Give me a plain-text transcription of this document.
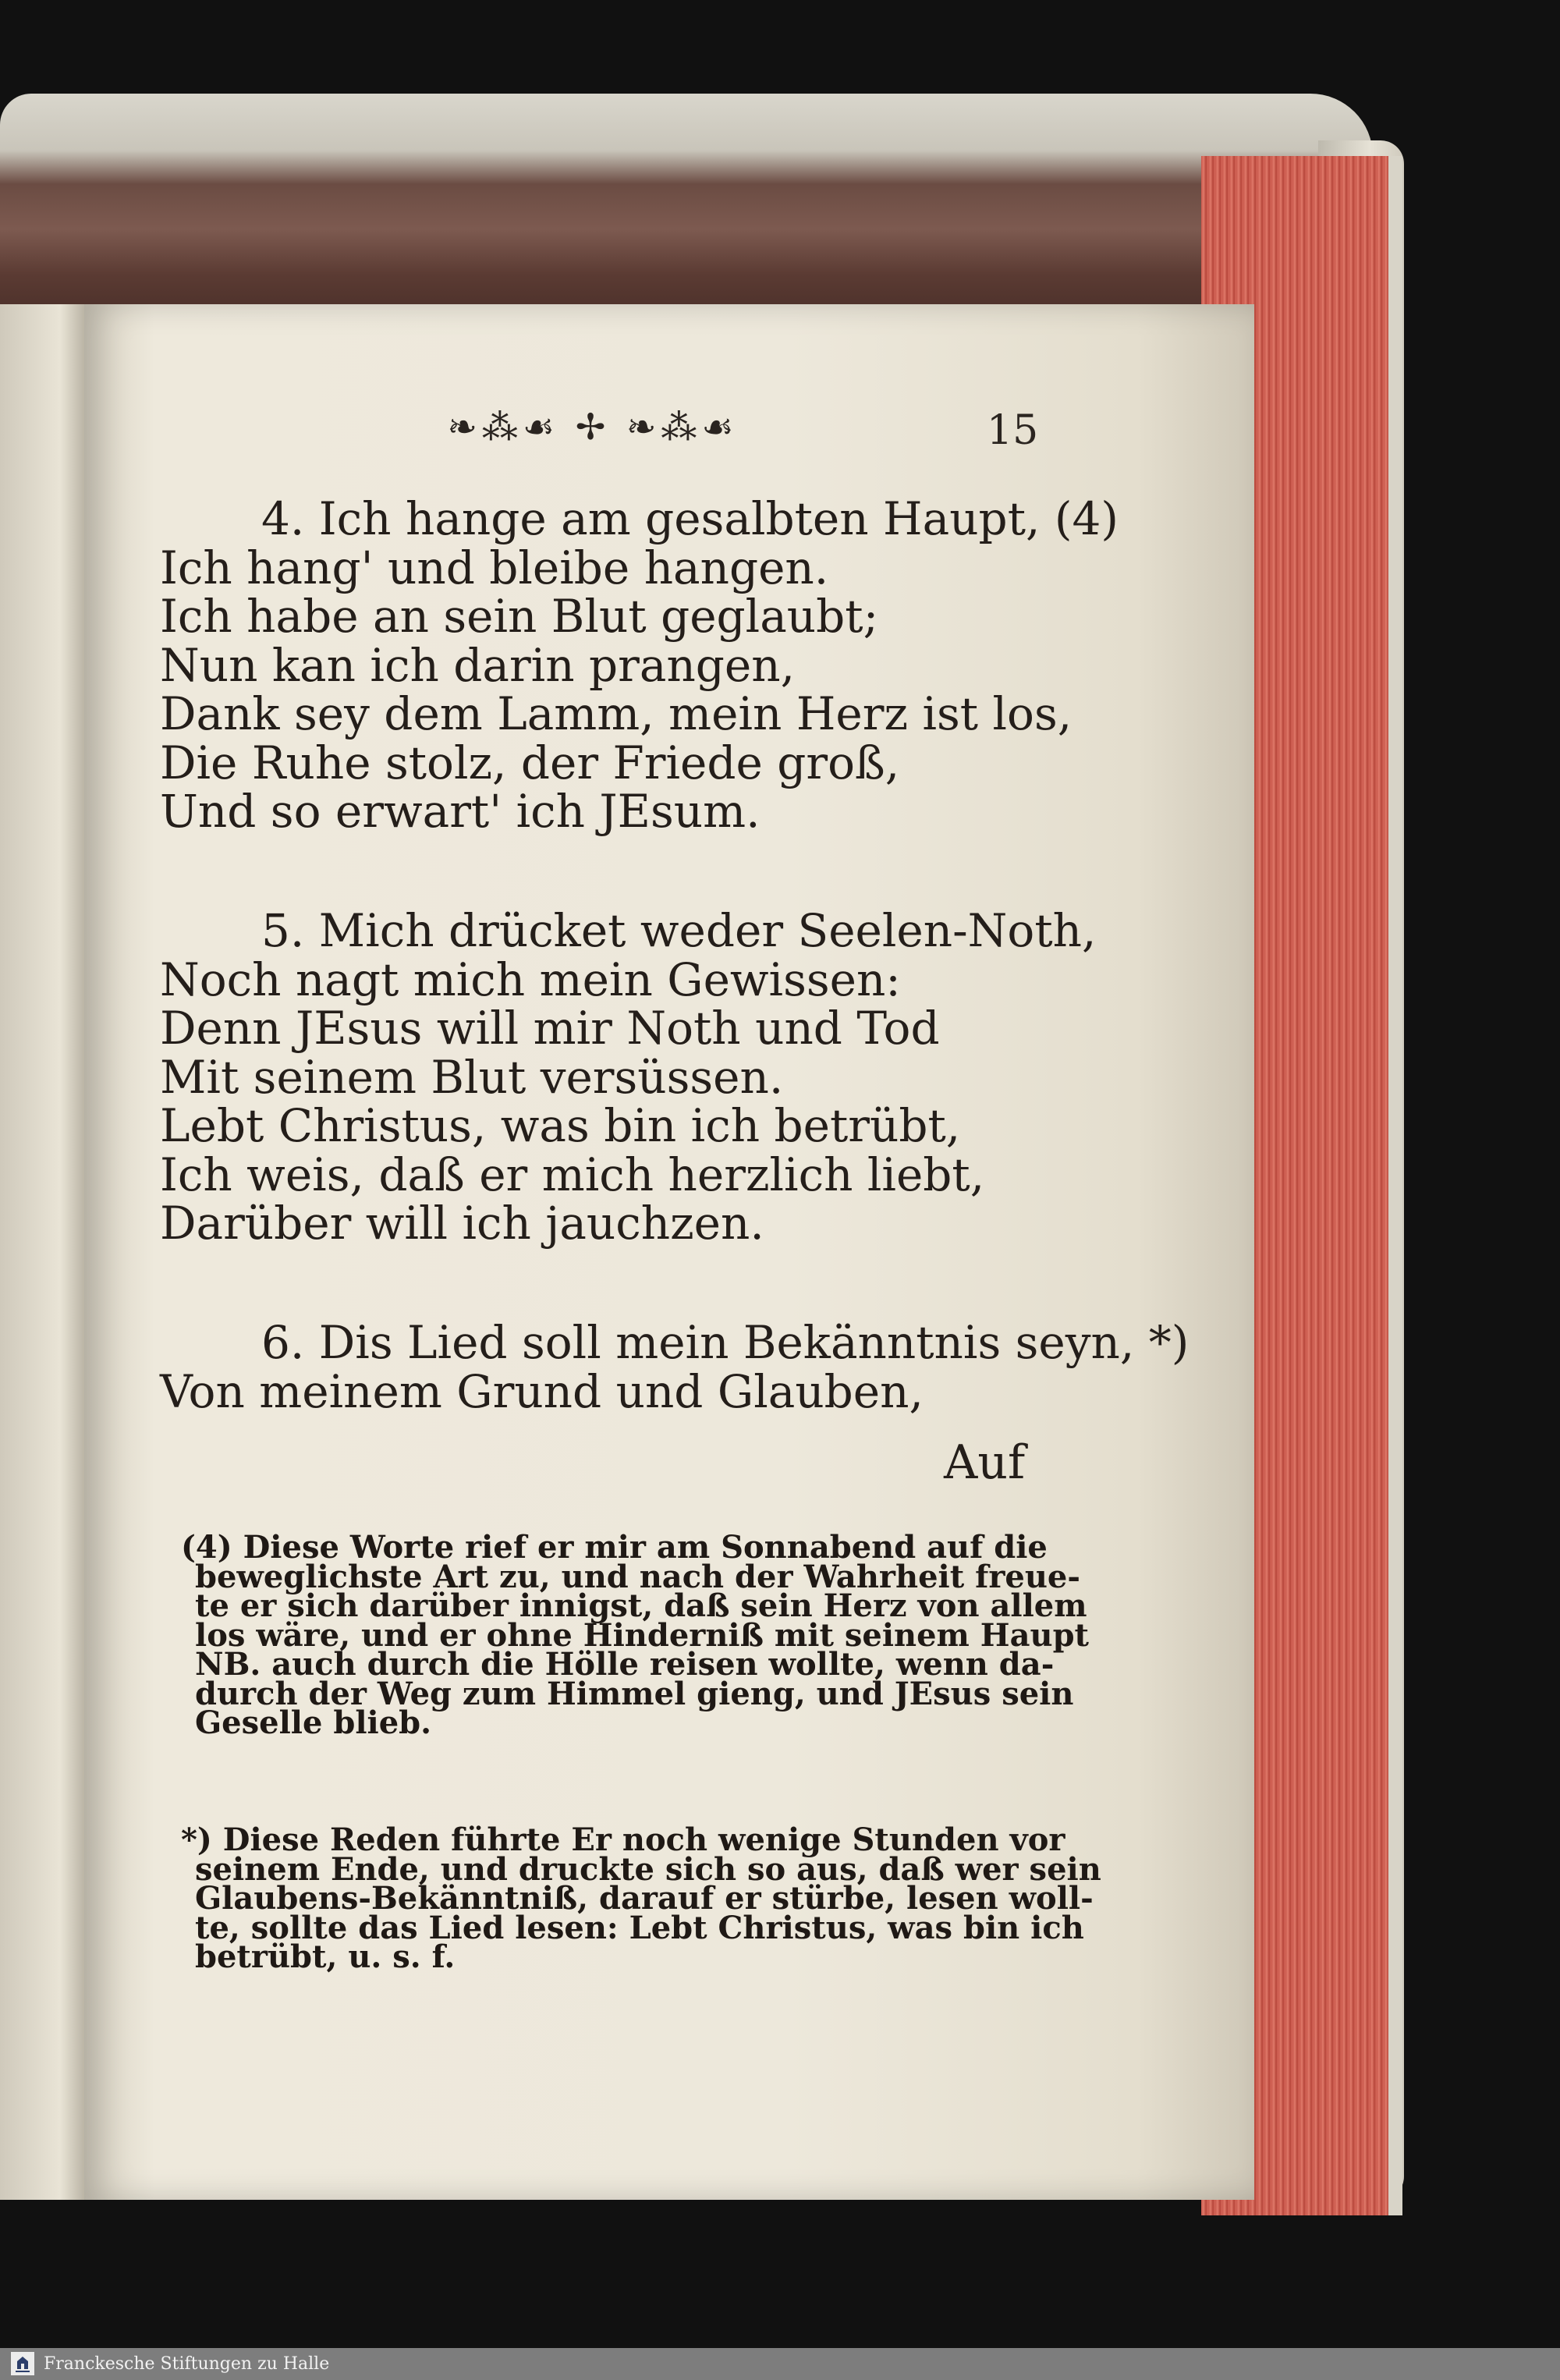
❧⁂☙ ✢ ❧⁂☙	15
4. Ich hange am gesalbten Haupt, (4)
Ich hang' und bleibe hangen.
Ich habe an sein Blut geglaubt;
Nun kan ich darin prangen,
Dank sey dem Lamm, mein Herz ist los,
Die Ruhe stolz, der Friede groß,
Und so erwart' ich JEsum.
5. Mich drücket weder Seelen-Noth,
Noch nagt mich mein Gewissen:
Denn JEsus will mir Noth und Tod
Mit seinem Blut versüssen.
Lebt Christus, was bin ich betrübt,
Ich weis, daß er mich herzlich liebt,
Darüber will ich jauchzen.
6. Dis Lied soll mein Bekänntnis seyn, *)
Von meinem Grund und Glauben,
Auf
(4) Diese Worte rief er mir am Sonnabend auf die
beweglichste Art zu, und nach der Wahrheit freue-
te er sich darüber innigst, daß sein Herz von allem
los wäre, und er ohne Hinderniß mit seinem Haupt
NB. auch durch die Hölle reisen wollte, wenn da-
durch der Weg zum Himmel gieng, und JEsus sein
Geselle blieb.
*) Diese Reden führte Er noch wenige Stunden vor
seinem Ende, und druckte sich so aus, daß wer sein
Glaubens-Bekänntniß, darauf er stürbe, lesen woll-
te, sollte das Lied lesen: Lebt Christus, was bin ich
betrübt, u. s. f.
Franckesche Stiftungen zu Halle
